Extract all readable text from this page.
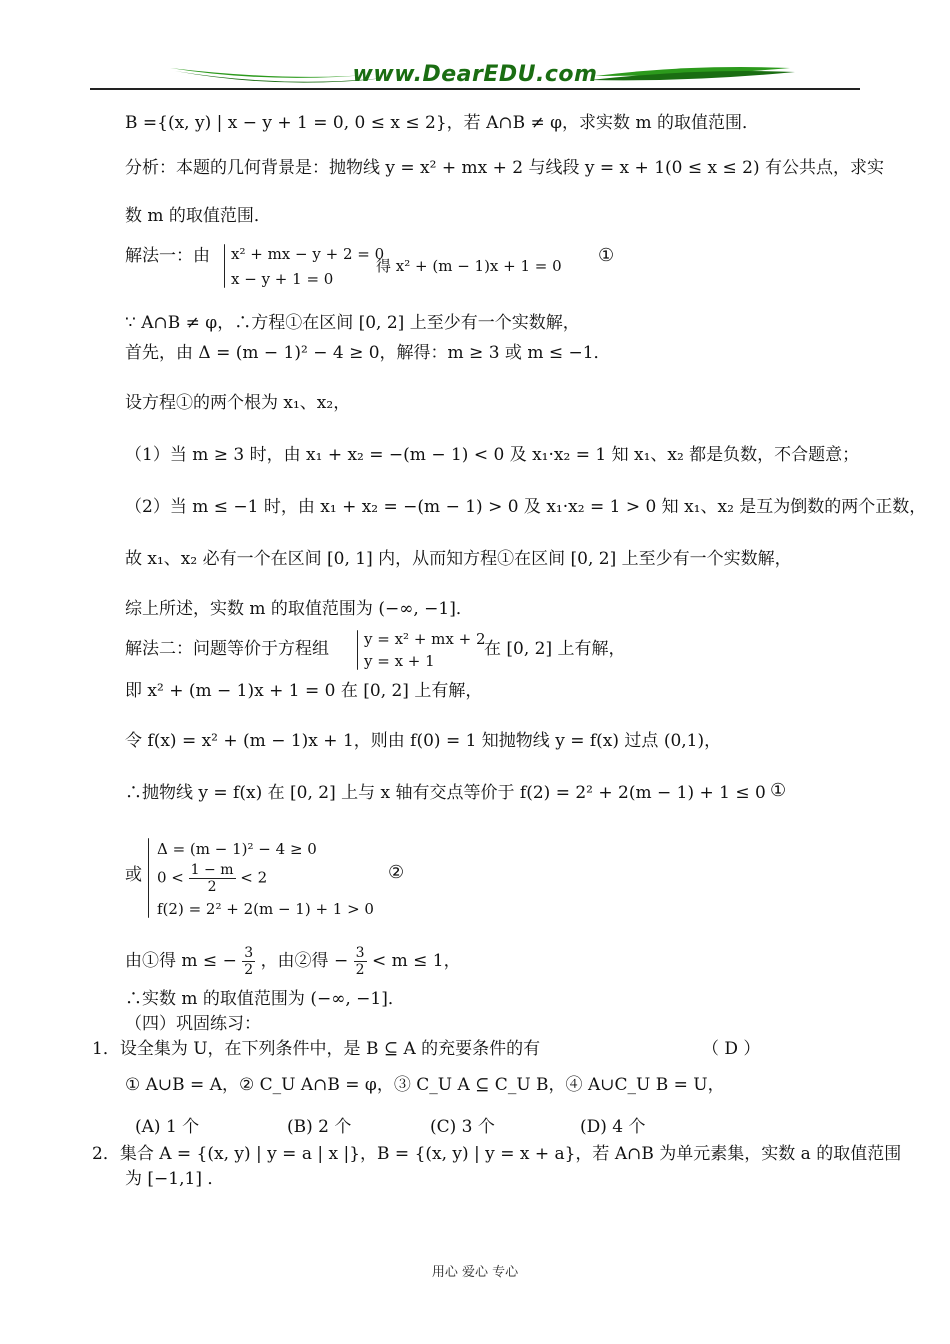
www.DearEDU.com
B ={(x, y) | x − y + 1 = 0, 0 ≤ x ≤ 2}，若 A∩B ≠ φ，求实数 m 的取值范围．
分析：本题的几何背景是：抛物线 y = x² + mx + 2 与线段 y = x + 1(0 ≤ x ≤ 2) 有公共点，求实
数 m 的取值范围．
解法一：由 x² + mx − y + 2 = 0
x − y + 1 = 0
得 x² + (m − 1)x + 1 = 0 ①
∵ A∩B ≠ φ，∴方程①在区间 [0, 2] 上至少有一个实数解，
首先，由 Δ = (m − 1)² − 4 ≥ 0，解得：m ≥ 3 或 m ≤ −1．
设方程①的两个根为 x₁、x₂，
（1）当 m ≥ 3 时，由 x₁ + x₂ = −(m − 1) < 0 及 x₁·x₂ = 1 知 x₁、x₂ 都是负数，不合题意；
（2）当 m ≤ −1 时，由 x₁ + x₂ = −(m − 1) > 0 及 x₁·x₂ = 1 > 0 知 x₁、x₂ 是互为倒数的两个正数，
故 x₁、x₂ 必有一个在区间 [0, 1] 内，从而知方程①在区间 [0, 2] 上至少有一个实数解，
综上所述，实数 m 的取值范围为 (−∞, −1]．
解法二：问题等价于方程组 y = x² + mx + 2
y = x + 1
在 [0, 2] 上有解，
即 x² + (m − 1)x + 1 = 0 在 [0, 2] 上有解，
令 f(x) = x² + (m − 1)x + 1，则由 f(0) = 1 知抛物线 y = f(x) 过点 (0,1)，
∴抛物线 y = f(x) 在 [0, 2] 上与 x 轴有交点等价于 f(2) = 2² + 2(m − 1) + 1 ≤ 0 ①
或
Δ = (m − 1)² − 4 ≥ 0
$0 < \frac{1 - m}{2} < 2$
f(2) = 2² + 2(m − 1) + 1 > 0
②
由①得 m ≤ − $\frac{3}{2}$ ，由②得 − $\frac{3}{2} < m \le 1$，
∴实数 m 的取值范围为 (−∞, −1]．
（四）巩固练习：
1．设全集为 U，在下列条件中，是 B ⊆ A 的充要条件的有	（ D ）
① A∪B = A，② C_U A∩B = φ，③ C_U A ⊆ C_U B，④ A∪C_U B = U，
(A) 1 个	(B) 2 个	(C) 3 个	(D) 4 个
2．集合 A = {(x, y) | y = a | x |}，B = {(x, y) | y = x + a}，若 A∩B 为单元素集，实数 a 的取值范围
为 [−1,1] ．
用心 爱心 专心
